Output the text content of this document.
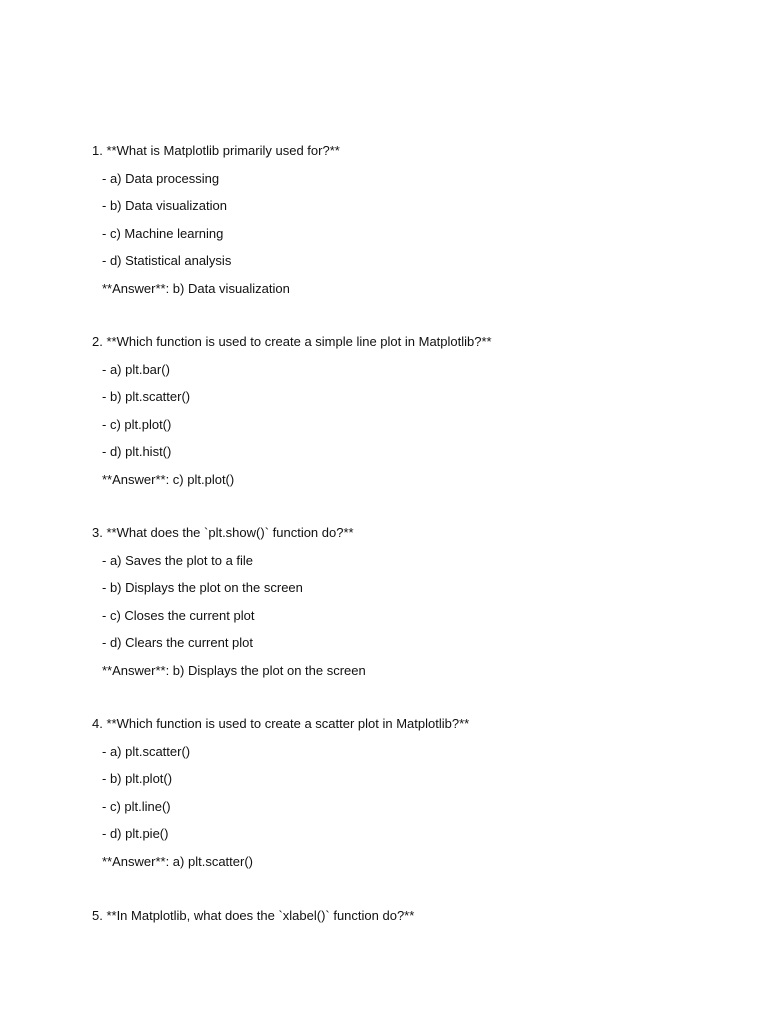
1. **What is Matplotlib primarily used for?**
- a) Data processing
- b) Data visualization
- c) Machine learning
- d) Statistical analysis
**Answer**: b) Data visualization
2. **Which function is used to create a simple line plot in Matplotlib?**
- a) plt.bar()
- b) plt.scatter()
- c) plt.plot()
- d) plt.hist()
**Answer**: c) plt.plot()
3. **What does the `plt.show()` function do?**
- a) Saves the plot to a file
- b) Displays the plot on the screen
- c) Closes the current plot
- d) Clears the current plot
**Answer**: b) Displays the plot on the screen
4. **Which function is used to create a scatter plot in Matplotlib?**
- a) plt.scatter()
- b) plt.plot()
- c) plt.line()
- d) plt.pie()
**Answer**: a) plt.scatter()
5. **In Matplotlib, what does the `xlabel()` function do?**
